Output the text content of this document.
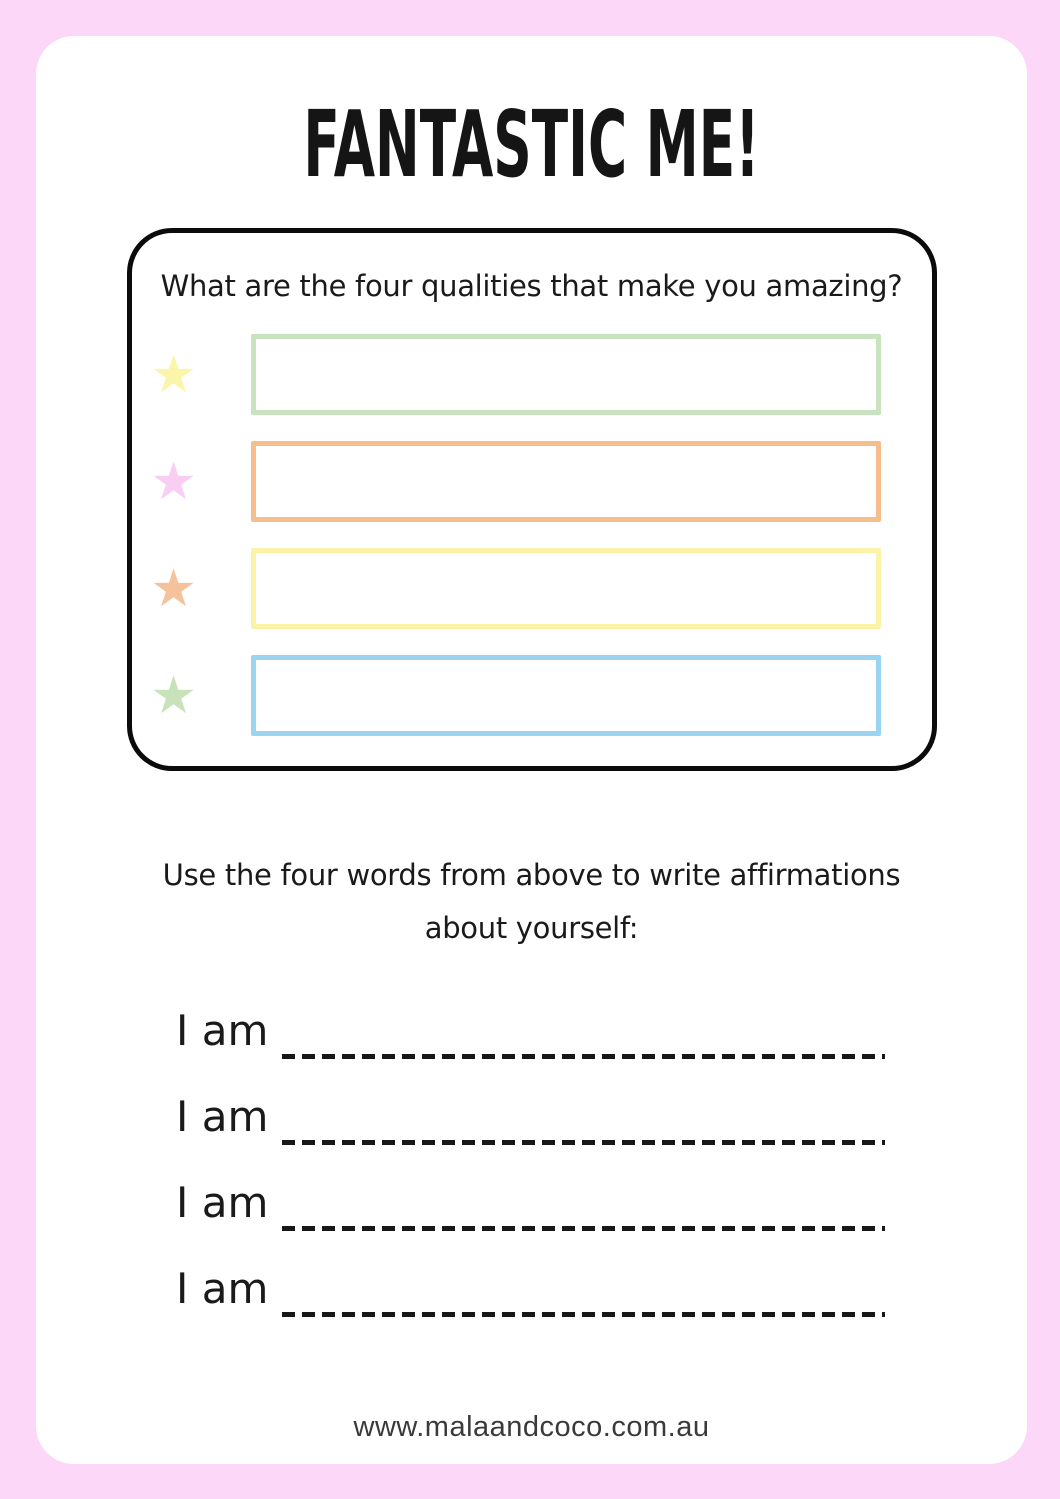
FANTASTIC ME!
What are the four qualities that make you amazing?
★
★
★
★
Use the four words from above to write affirmations
about yourself:
I am
I am
I am
I am
www.malaandcoco.com.au
